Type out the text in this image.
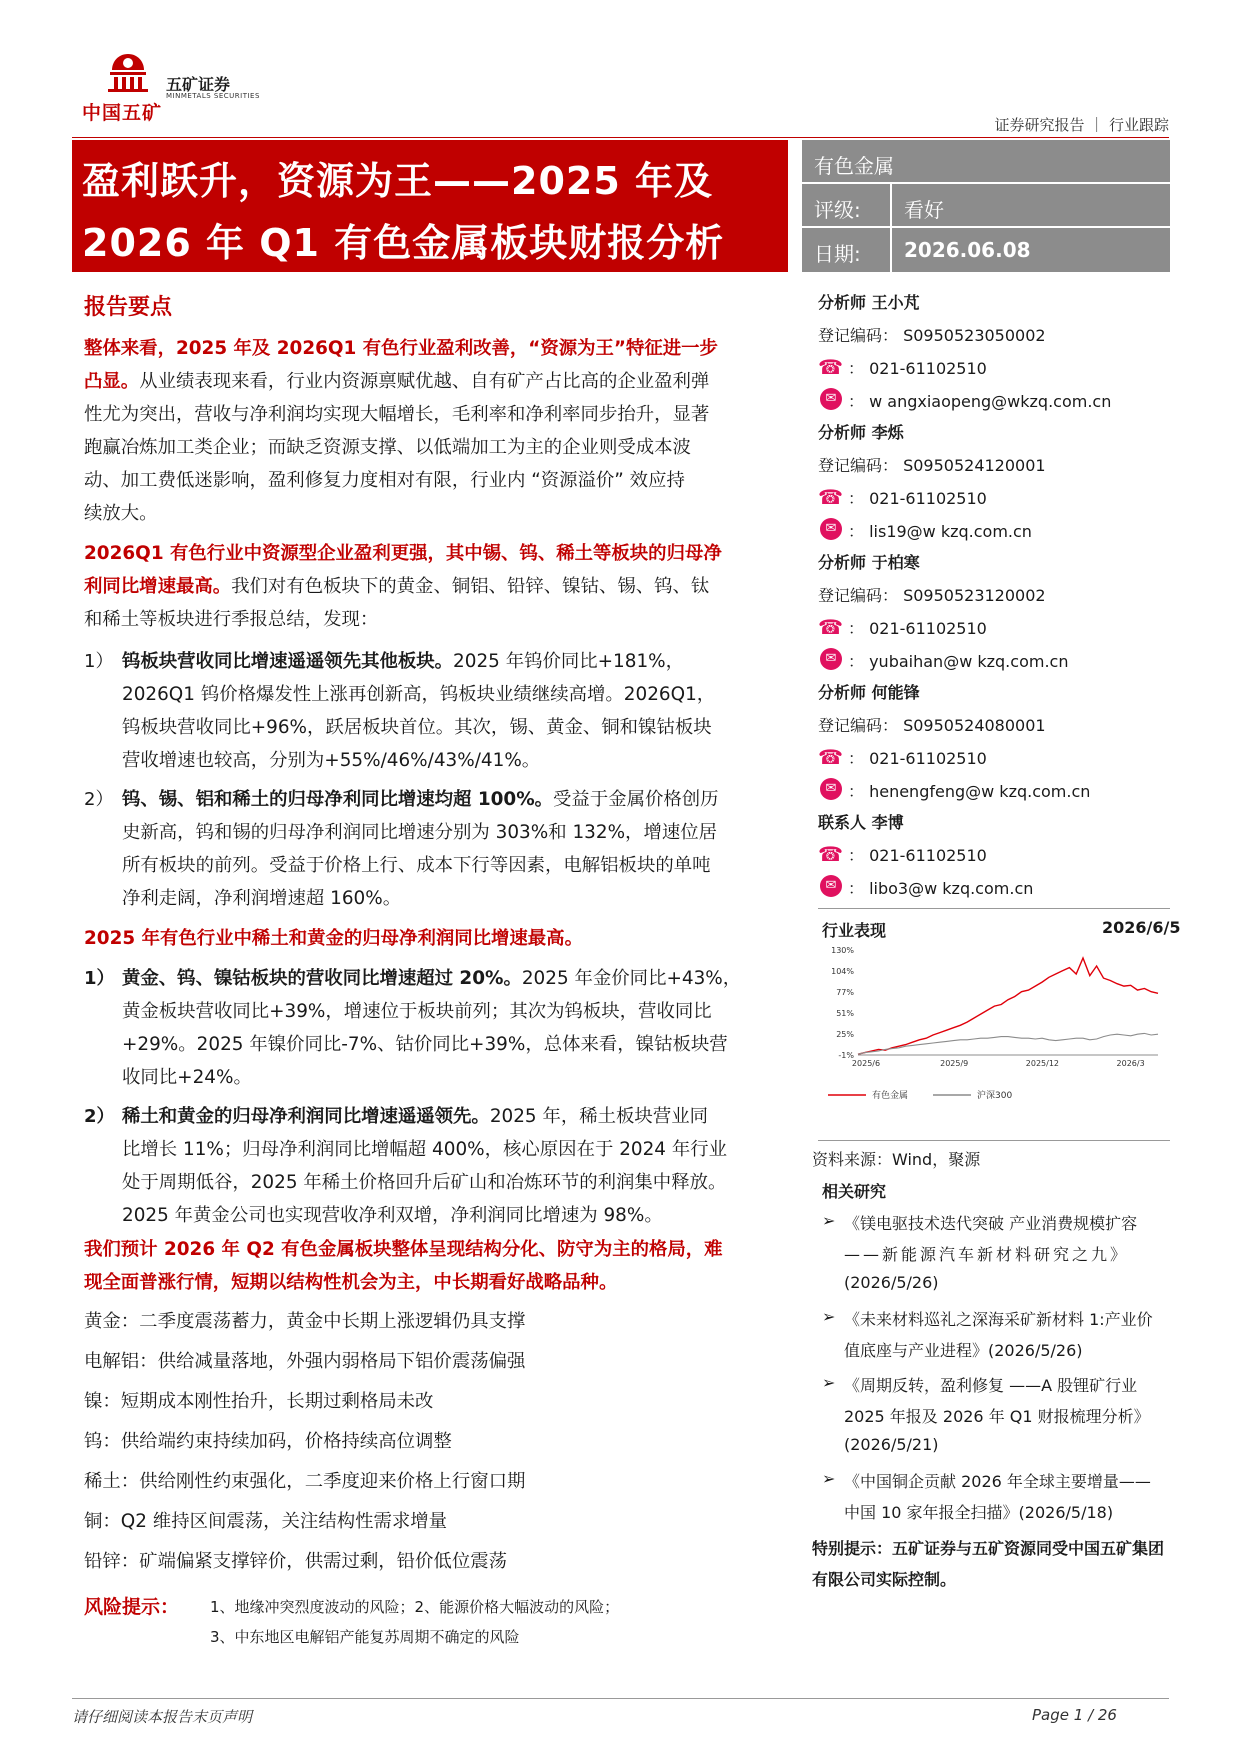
中国五矿
五矿证券
MINMETALS SECURITIES
证券研究报告 ｜ 行业跟踪
盈利跃升，资源为王——2025 年及
2026 年 Q1 有色金属板块财报分析
有色金属
评级: 看好
日期: 2026.06.08
报告要点
整体来看，2025 年及 2026Q1 有色行业盈利改善，“资源为王”特征进一步
凸显。从业绩表现来看，行业内资源禀赋优越、自有矿产占比高的企业盈利弹
性尤为突出，营收与净利润均实现大幅增长，毛利率和净利率同步抬升，显著
跑赢冶炼加工类企业；而缺乏资源支撑、以低端加工为主的企业则受成本波
动、加工费低迷影响，盈利修复力度相对有限，行业内 “资源溢价” 效应持
续放大。
2026Q1 有色行业中资源型企业盈利更强，其中锡、钨、稀土等板块的归母净
利同比增速最高。我们对有色板块下的黄金、铜铝、铅锌、镍钴、锡、钨、钛
和稀土等板块进行季报总结，发现：
1） 钨板块营收同比增速遥遥领先其他板块。2025 年钨价同比+181%，
2026Q1 钨价格爆发性上涨再创新高，钨板块业绩继续高增。2026Q1，
钨板块营收同比+96%，跃居板块首位。其次，锡、黄金、铜和镍钴板块
营收增速也较高，分别为+55%/46%/43%/41%。
2） 钨、锡、铝和稀土的归母净利同比增速均超 100%。受益于金属价格创历
史新高，钨和锡的归母净利润同比增速分别为 303%和 132%，增速位居
所有板块的前列。受益于价格上行、成本下行等因素，电解铝板块的单吨
净利走阔，净利润增速超 160%。
2025 年有色行业中稀土和黄金的归母净利润同比增速最高。
1） 黄金、钨、镍钴板块的营收同比增速超过 20%。2025 年金价同比+43%，
黄金板块营收同比+39%，增速位于板块前列；其次为钨板块，营收同比
+29%。2025 年镍价同比-7%、钴价同比+39%，总体来看，镍钴板块营
收同比+24%。
2） 稀土和黄金的归母净利润同比增速遥遥领先。2025 年，稀土板块营业同
比增长 11%；归母净利润同比增幅超 400%，核心原因在于 2024 年行业
处于周期低谷，2025 年稀土价格回升后矿山和冶炼环节的利润集中释放。
2025 年黄金公司也实现营收净利双增，净利润同比增速为 98%。
我们预计 2026 年 Q2 有色金属板块整体呈现结构分化、防守为主的格局，难
现全面普涨行情，短期以结构性机会为主，中长期看好战略品种。
黄金：二季度震荡蓄力，黄金中长期上涨逻辑仍具支撑
电解铝：供给减量落地，外强内弱格局下铝价震荡偏强
镍：短期成本刚性抬升，长期过剩格局未改
钨：供给端约束持续加码，价格持续高位调整
稀土：供给刚性约束强化，二季度迎来价格上行窗口期
铜：Q2 维持区间震荡，关注结构性需求增量
铅锌：矿端偏紧支撑锌价，供需过剩，铅价低位震荡
风险提示： 1、地缘冲突烈度波动的风险；2、能源价格大幅波动的风险；
3、中东地区电解铝产能复苏周期不确定的风险
分析师 王小芃
登记编码： S0950523050002
☎ ： 021-61102510
✉ ： w angxiaopeng@wkzq.com.cn
分析师 李烁
登记编码： S0950524120001
☎ ： 021-61102510
✉ ： lis19@w kzq.com.cn
分析师 于柏寒
登记编码： S0950523120002
☎ ： 021-61102510
✉ ： yubaihan@w kzq.com.cn
分析师 何能锋
登记编码： S0950524080001
☎ ： 021-61102510
✉ ： henengfeng@w kzq.com.cn
联系人 李博
☎ ： 021-61102510
✉ ： libo3@w kzq.com.cn
行业表现	2026/6/5
130%
104%
77%
51%
25%
-1%
2025/6	2025/9	2025/12	2026/3
有色金属	沪深300
资料来源：Wind，聚源
相关研究
➢ 《镁电驱技术迭代突破 产业消费规模扩容
——新能源汽车新材料研究之九》
(2026/5/26)
➢ 《未来材料巡礼之深海采矿新材料 1:产业价
值底座与产业进程》(2026/5/26)
➢ 《周期反转，盈利修复 ——A 股锂矿行业
2025 年报及 2026 年 Q1 财报梳理分析》
(2026/5/21)
➢ 《中国铜企贡献 2026 年全球主要增量——
中国 10 家年报全扫描》(2026/5/18)
特别提示：五矿证券与五矿资源同受中国五矿集团
有限公司实际控制。
请仔细阅读本报告末页声明	Page 1 / 26
